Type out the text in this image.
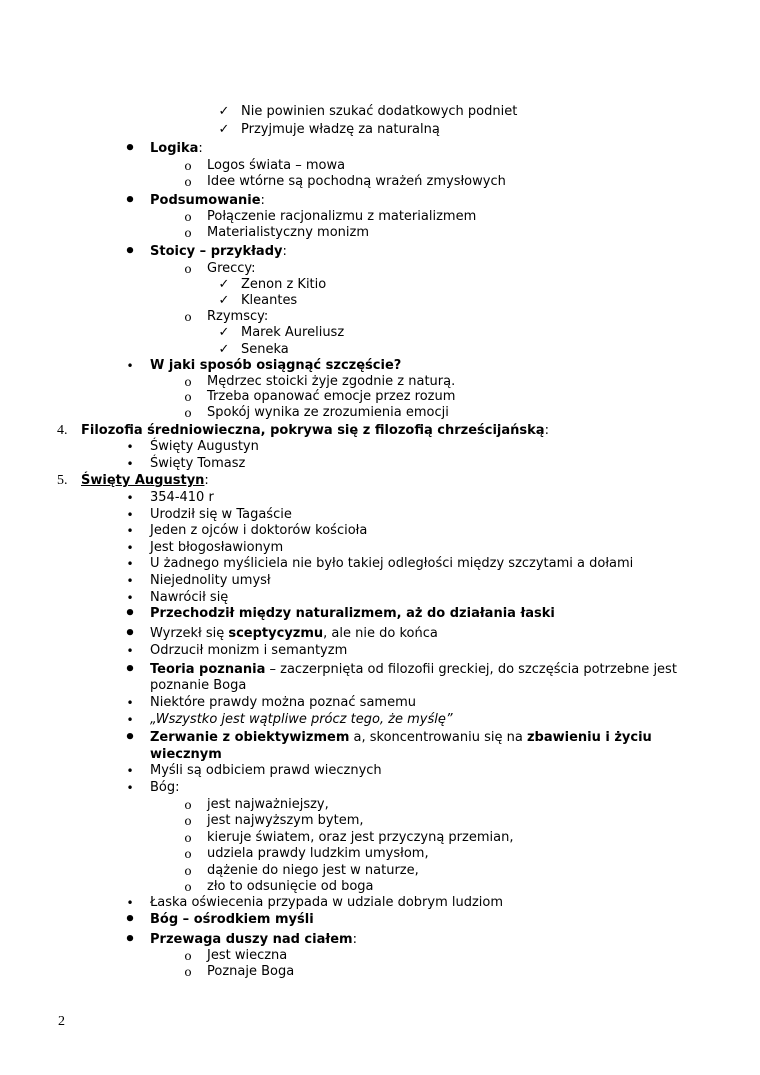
✓ Nie powinien szukać dodatkowych podniet
✓ Przyjmuje władzę za naturalną
• Logika:
o Logos świata – mowa
o Idee wtórne są pochodną wrażeń zmysłowych
• Podsumowanie:
o Połączenie racjonalizmu z materializmem
o Materialistyczny monizm
• Stoicy – przykłady:
o Greccy:
✓ Zenon z Kitio
✓ Kleantes
o Rzymscy:
✓ Marek Aureliusz
✓ Seneka
• W jaki sposób osiągnąć szczęście?
o Mędrzec stoicki żyje zgodnie z naturą.
o Trzeba opanować emocje przez rozum
o Spokój wynika ze zrozumienia emocji
4. Filozofia średniowieczna, pokrywa się z filozofią chrześcijańską:
• Święty Augustyn
• Święty Tomasz
5. Święty Augustyn:
• 354-410 r
• Urodził się w Tagaście
• Jeden z ojców i doktorów kościoła
• Jest błogosławionym
• U żadnego myśliciela nie było takiej odległości między szczytami a dołami
• Niejednolity umysł
• Nawrócił się
• Przechodził między naturalizmem, aż do działania łaski
• Wyrzekł się sceptycyzmu, ale nie do końca
• Odrzucił monizm i semantyzm
• Teoria poznania – zaczerpnięta od filozofii greckiej, do szczęścia potrzebne jest
poznanie Boga
• Niektóre prawdy można poznać samemu
• „Wszystko jest wątpliwe prócz tego, że myślę”
• Zerwanie z obiektywizmem a, skoncentrowaniu się na zbawieniu i życiu
wiecznym
• Myśli są odbiciem prawd wiecznych
• Bóg:
o jest najważniejszy,
o jest najwyższym bytem,
o kieruje światem, oraz jest przyczyną przemian,
o udziela prawdy ludzkim umysłom,
o dążenie do niego jest w naturze,
o zło to odsunięcie od boga
• Łaska oświecenia przypada w udziale dobrym ludziom
• Bóg – ośrodkiem myśli
• Przewaga duszy nad ciałem:
o Jest wieczna
o Poznaje Boga
2
